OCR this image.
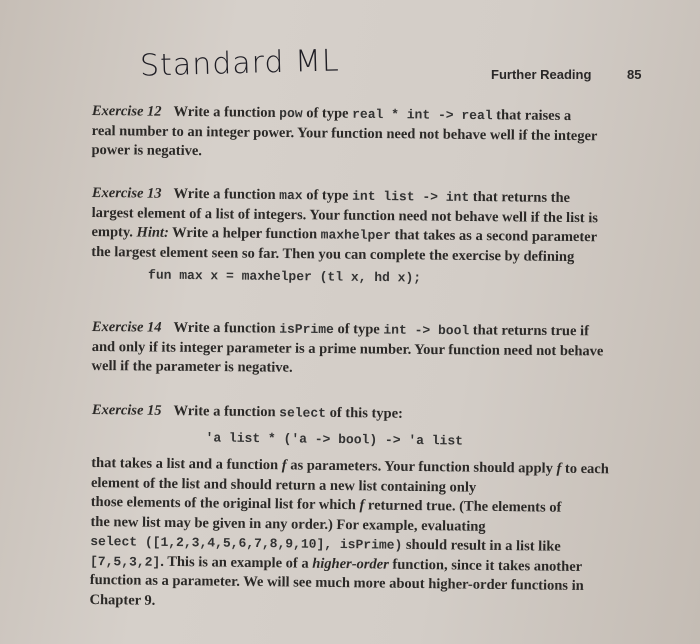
Standard ML	Further Reading	85
Exercise 12 Write a function pow of type real * int -> real that raises a
real number to an integer power. Your function need not behave well if the integer
power is negative.
Exercise 13 Write a function max of type int list -> int that returns the
largest element of a list of integers. Your function need not behave well if the list is
empty. Hint: Write a helper function maxhelper that takes as a second parameter
the largest element seen so far. Then you can complete the exercise by defining
fun max x = maxhelper (tl x, hd x);
Exercise 14 Write a function isPrime of type int -> bool that returns true if
and only if its integer parameter is a prime number. Your function need not behave
well if the parameter is negative.
Exercise 15 Write a function select of this type:
'a list * ('a -> bool) -> 'a list
that takes a list and a function f as parameters. Your function should apply f to each
element of the list and should return a new list containing only
those elements of the original list for which f returned true. (The elements of
the new list may be given in any order.) For example, evaluating
select ([1,2,3,4,5,6,7,8,9,10], isPrime) should result in a list like
[7,5,3,2]. This is an example of a higher-order function, since it takes another
function as a parameter. We will see much more about higher-order functions in
Chapter 9.
